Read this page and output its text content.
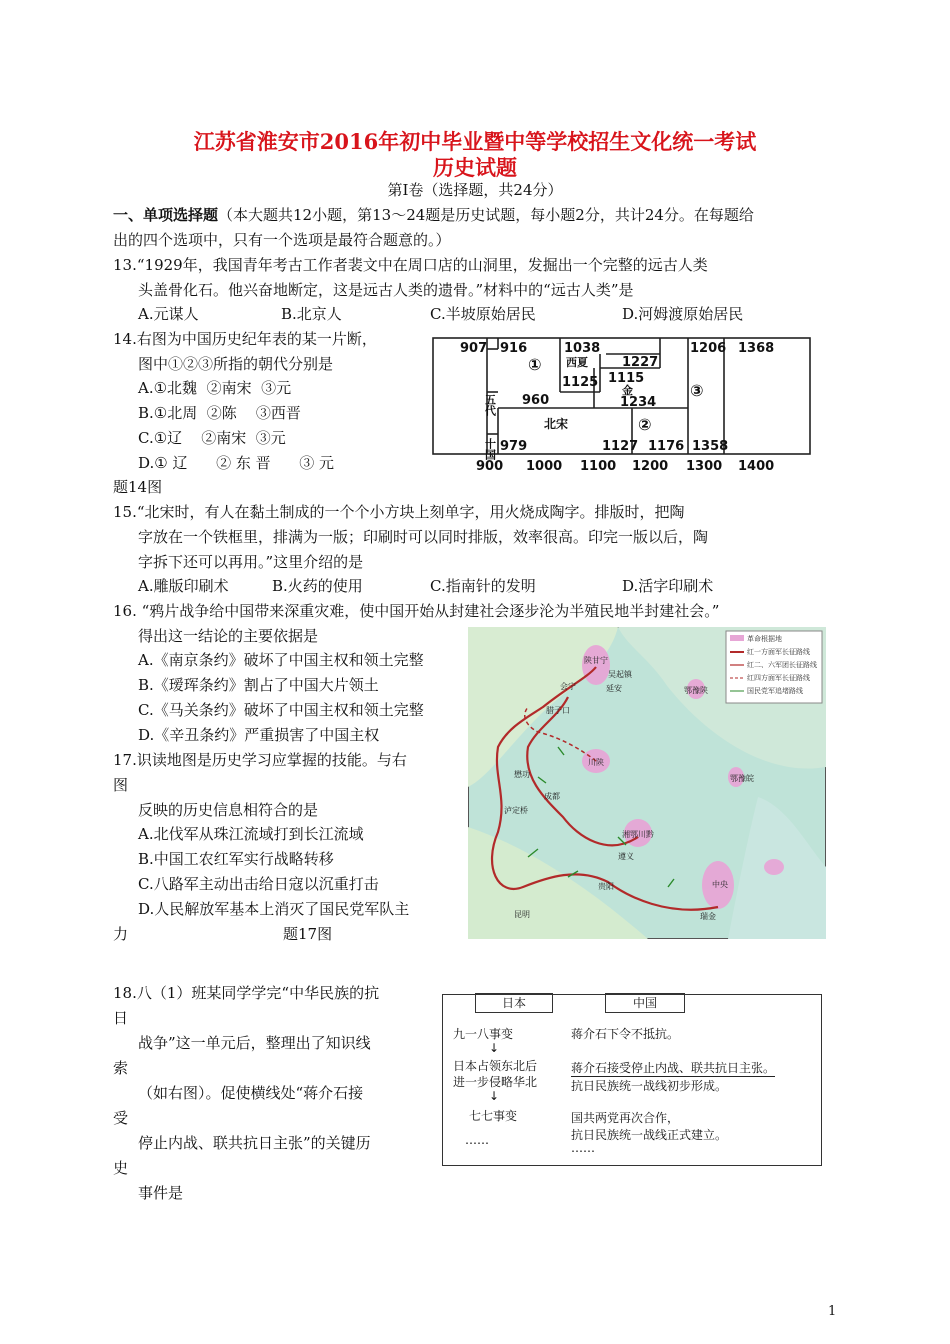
江苏省淮安市2016年初中毕业暨中等学校招生文化统一考试
历史试题
第Ⅰ卷（选择题，共24分）
一、单项选择题（本大题共12小题，第13～24题是历史试题，每小题2分，共计24分。在每题给
出的四个选项中，只有一个选项是最符合题意的。）
13.“1929年，我国青年考古工作者裴文中在周口店的山洞里，发掘出一个完整的远古人类
头盖骨化石。他兴奋地断定，这是远古人类的遗骨。”材料中的“远古人类”是
A.元谋人	B.北京人	C.半坡原始居民	D.河姆渡原始居民
14.右图为中国历史纪年表的某一片断，
图中①②③所指的朝代分别是
A.①北魏  ②南宋  ③元
B.①北周  ②陈    ③西晋
C.①辽    ②南宋  ③元
D.① 辽      ② 东 晋      ③ 元
题14图
907 916	1038	1206 1368
西夏	1227
1125 1115
金
1234
五代
十国
960
北宋
979	1127 1176 1358
①
②
③
900 1000 1100 1200 1300 1400
15.“北宋时，有人在黏土制成的一个个小方块上刻单字，用火烧成陶字。排版时，把陶
字放在一个铁框里，排满为一版；印刷时可以同时排版，效率很高。印完一版以后，陶
字拆下还可以再用。”这里介绍的是
A.雕版印刷术	B.火药的使用	C.指南针的发明	D.活字印刷术
16. “鸦片战争给中国带来深重灾难，使中国开始从封建社会逐步沦为半殖民地半封建社会。”
得出这一结论的主要依据是
A.《南京条约》破坏了中国主权和领土完整
B.《瑷珲条约》割占了中国大片领土
C.《马关条约》破坏了中国主权和领土完整
D.《辛丑条约》严重损害了中国主权
17.识读地图是历史学习应掌握的技能。与右
图
反映的历史信息相符合的是
A.北伐军从珠江流域打到长江流域
B.中国工农红军实行战略转移
C.八路军主动出击给日寇以沉重打击
D.人民解放军基本上消灭了国民党军队主
力	题17图
革命根据地
红一方面军长征路线
红二、六军团长征路线
红四方面军长征路线
国民党军追堵路线
陕甘宁
鄂豫陕
川陕
湘鄂川黔
中央
鄂豫皖
吴起镇
会宁
腊子口
延安
懋功
泸定桥
遵义
瑞金
昆明
成都
贵阳
18.八（1）班某同学学完“中华民族的抗
日
战争”这一单元后，整理出了知识线
索
（如右图）。促使横线处“蒋介石接
受
停止内战、联共抗日主张”的关键历
史
事件是
日本	中国
九一八事变
↓
日本占领东北后
进一步侵略华北
↓
七七事变
……
蒋介石下令不抵抗。
蒋介石接受停止内战、联共抗日主张。
抗日民族统一战线初步形成。
国共两党再次合作，
抗日民族统一战线正式建立。
……
1
